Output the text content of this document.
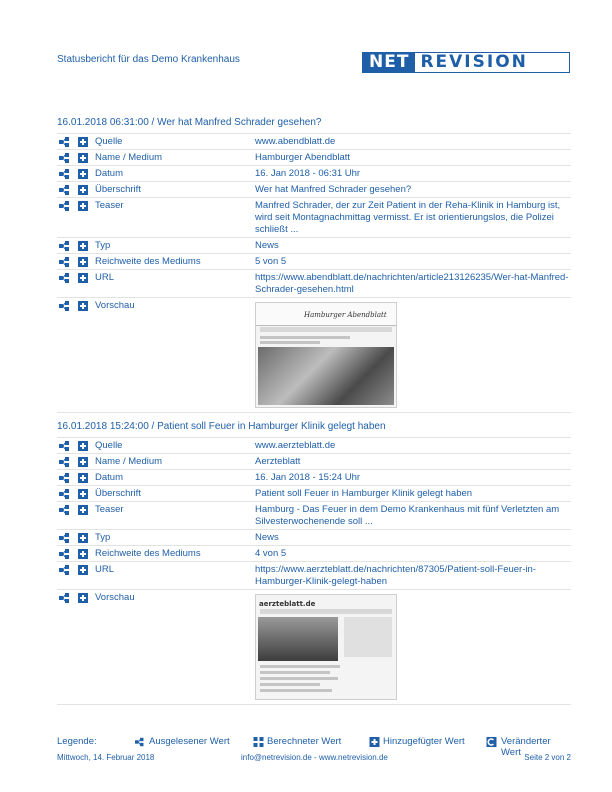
Statusbericht für das Demo Krankenhaus	NET REVISION
16.01.2018 06:31:00 / Wer hat Manfred Schrader gesehen?
Quelle	www.abendblatt.de
Name / Medium	Hamburger Abendblatt
Datum	16. Jan 2018 - 06:31 Uhr
Überschrift	Wer hat Manfred Schrader gesehen?
Teaser	Manfred Schrader, der zur Zeit Patient in der Reha-Klinik in Hamburg ist, wird seit Montagnachmittag vermisst. Er ist orientierungslos, die Polizei schließt ...
Typ	News
Reichweite des Mediums	5 von 5
URL	https://www.abendblatt.de/nachrichten/article213126235/Wer-hat-Manfred-Schrader-gesehen.html
Vorschau
Hamburger Abendblatt
16.01.2018 15:24:00 / Patient soll Feuer in Hamburger Klinik gelegt haben
Quelle	www.aerzteblatt.de
Name / Medium	Aerzteblatt
Datum	16. Jan 2018 - 15:24 Uhr
Überschrift	Patient soll Feuer in Hamburger Klinik gelegt haben
Teaser	Hamburg - Das Feuer in dem Demo Krankenhaus mit fünf Verletzten am Silvesterwochenende soll ...
Typ	News
Reichweite des Mediums	4 von 5
URL	https://www.aerzteblatt.de/nachrichten/87305/Patient-soll-Feuer-in-Hamburger-Klinik-gelegt-haben
Vorschau
aerzteblatt.de
Legende:	Ausgelesener Wert	Berechneter Wert	Hinzugefügter Wert	Veränderter Wert
Mittwoch, 14. Februar 2018	info@netrevision.de - www.netrevision.de	Seite 2 von 2
